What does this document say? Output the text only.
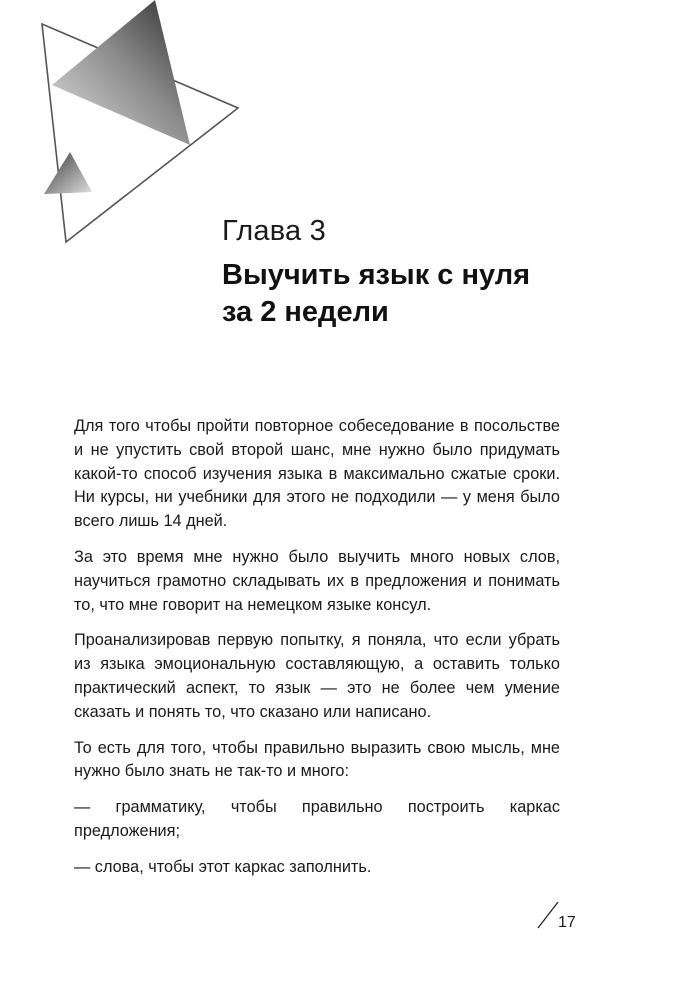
Глава 3
Выучить язык с нуля
за 2 недели

Для того чтобы пройти повторное собеседование в посольстве и не упустить свой второй шанс, мне нужно было придумать какой-то способ изучения языка в максимально сжатые сроки. Ни курсы, ни учебники для этого не подходили — у меня было всего лишь 14 дней.

За это время мне нужно было выучить много новых слов, научиться грамотно складывать их в предложения и понимать то, что мне говорит на немецком языке консул.

Проанализировав первую попытку, я поняла, что если убрать из языка эмоциональную составляющую, а оставить только практический аспект, то язык — это не более чем умение сказать и понять то, что сказано или написано.

То есть для того, чтобы правильно выразить свою мысль, мне нужно было знать не так-то и много:

— грамматику, чтобы правильно построить каркас предложения;

— слова, чтобы этот каркас заполнить.

17
